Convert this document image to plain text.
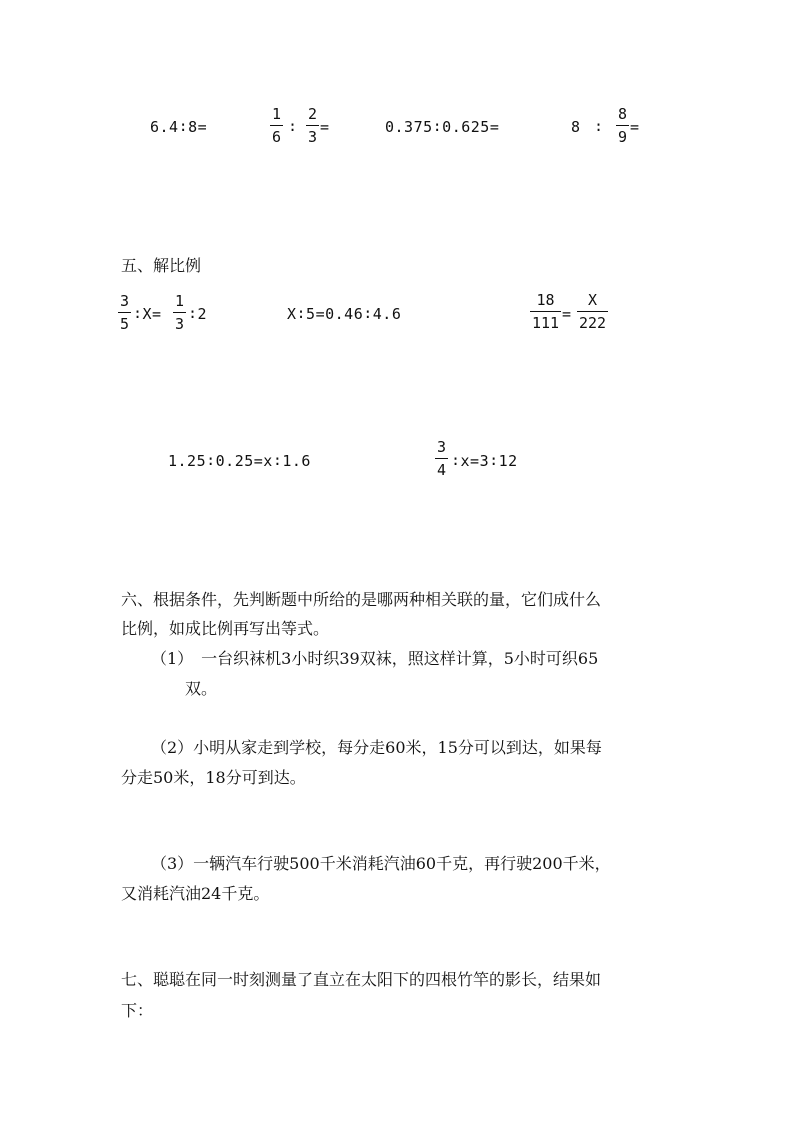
6.4∶8=	$\frac{1}{6}$ ∶ $\frac{2}{3}$ =	0.375∶0.625=	8 ∶ $\frac{8}{9}$ =
五、解比例
$\frac{3}{5}$ ∶X= $\frac{1}{3}$ ∶2	X∶5=0.46∶4.6	$\frac{18}{111} = \frac{X}{222}$
1.25∶0.25=x∶1.6	$\frac{3}{4}$ ∶x=3∶12
六、根据条件，先判断题中所给的是哪两种相关联的量，它们成什么
比例，如成比例再写出等式。
（1）　一台织袜机3小时织39双袜，照这样计算，5小时可织65
双。
（2）小明从家走到学校，每分走60米，15分可以到达，如果每
分走50米，18分可到达。
（3）一辆汽车行驶500千米消耗汽油60千克，再行驶200千米，
又消耗汽油24千克。
七、聪聪在同一时刻测量了直立在太阳下的四根竹竿的影长，结果如
下：
